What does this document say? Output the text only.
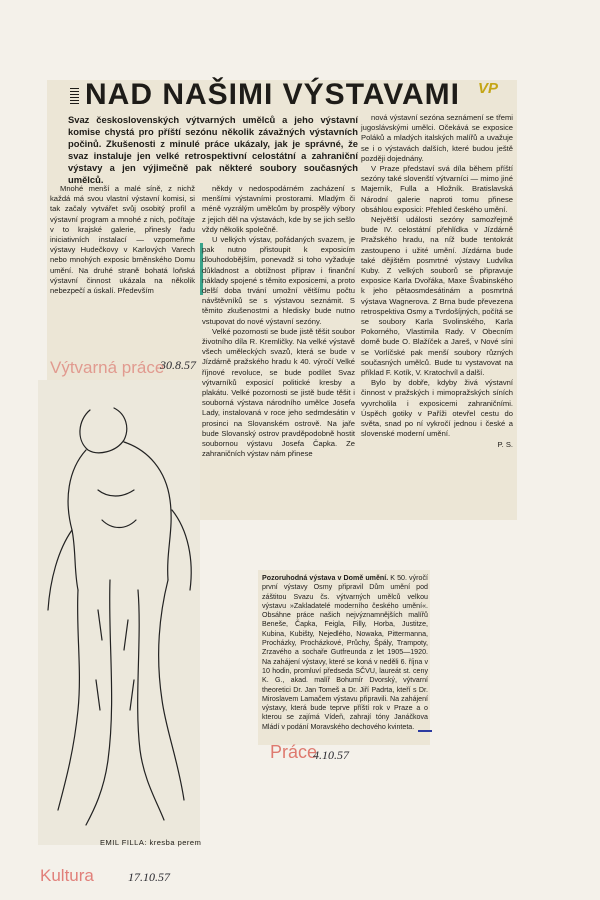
NAD NAŠIMI VÝSTAVAMI	VP
Svaz československých výtvarných umělců a jeho výstavní komise chystá pro příští sezónu několik závažných výstavních počinů. Zkušenosti z minulé práce ukázaly, jak je správné, že svaz instaluje jen velké retrospektivní celostátní a zahraniční výstavy a jen výjimečně pak některé soubory současných umělců.

Mnohé menší a malé síně, z nichž každá má svou vlastní výstavní komisi, si tak začaly vytvářet svůj osobitý profil a výstavní program a mnohé z nich, počítaje v to krajské galerie, přinesly řadu iniciativních instalací — vzpomeňme výstavy Hudečkovy v Karlových Varech nebo mnohých exposic brněnského Domu umění. Na druhé straně bohatá loňská výstavní činnost ukázala na několik nebezpečí a úskalí. Především

někdy v nedospodárném zacházení s menšími výstavními prostorami. Mladým či méně vyzrálým umělcům by prospěly výbory z jejich děl na výstavách, kde by se jich sešlo vždy několik společně.

U velkých výstav, pořádaných svazem, je pak nutno přistoupit k exposicím dlouhodobějším, ponevadž si toho vyžaduje důkladnost a obtížnost příprav i finanční náklady spojené s těmito exposicemi, a proto delší doba trvání umožní většímu počtu návštěvníků se s výstavou seznámit. S těmito zkušenostmi a hledisky bude nutno vstupovat do nové výstavní sezóny.

Velké pozornosti se bude jistě těšit soubor životního díla R. Kremličky. Na velké výstavě všech uměleckých svazů, která se bude v Jízdárně pražského hradu k 40. výročí Velké říjnové revoluce, se bude podílet Svaz výtvarníků exposicí politické kresby a plakátu. Velké pozornosti se jistě bude těšit i souborná výstava národního umělce Josefa Lady, instalovaná v roce jeho sedmdesátin v prosinci na Slovanském ostrově. Na jaře bude Slovanský ostrov pravděpodobně hostit soubornou výstavu Josefa Čapka. Ze zahraničních výstav nám přinese

nová výstavní sezóna seznámení se třemi jugoslávskými umělci. Očekává se exposice Poláků a mladých italských malířů a uvažuje se i o výstavách dalších, které budou ještě později dojednány.

V Praze představí svá díla během příští sezóny také slovenští výtvarníci — mimo jiné Majerník, Fulla a Hložník. Bratislavská Národní galerie naproti tomu přinese obsáhlou exposici: Přehled českého umění.

Největší události sezóny samozřejmě bude IV. celostátní přehlídka v Jízdárně Pražského hradu, na níž bude tentokrát zastoupeno i užité umění. Jízdárna bude také dějištěm posmrtné výstavy Ludvíka Kuby. Z velkých souborů se připravuje exposice Karla Dvořáka, Maxe Švabinského k jeho pětaosmdesátinám a posmrtná výstava Wagnerova. Z Brna bude převezena retrospektiva Osmy a Tvrdošíjných, počítá se se soubory Karla Svolinského, Karla Pokorného, Vlastimila Rady. V Obecním domě bude O. Blažíček a Jareš, v Nové síni se Vorlíčské pak menší soubory různých současných umělců. Bude tu vystavovat na příklad F. Kotík, V. Kratochvíl a další.

Bylo by dobře, kdyby živá výstavní činnost v pražských i mimopražských síních vyvrcholila i exposicemi zahraničními. Úspěch gotiky v Paříži otevřel cestu do světa, snad po ní vykročí jednou i české a slovenské moderní umění.

P. S.

Výtvarná práce
30.8.57
EMIL FILLA: kresba perem
Kultura	17.10.57
Pozoruhodná výstava v Domě umění. K 50. výročí první výstavy Osmy připravil Dům umění pod záštitou Svazu čs. výtvarných umělců velkou výstavu »Zakladatelé moderního českého umění«. Obsáhne práce našich nejvýznamnějších malířů Beneše, Čapka, Feigla, Filly, Horba, Justitze, Kubina, Kubišty, Nejedlého, Nowaka, Pittermanna, Procházky, Procházkové, Průchy, Špály, Trampoty, Zrzavého a sochaře Gutfreunda z let 1905—1920. Na zahájení výstavy, které se koná v neděli 6. října v 10 hodin, promluví předseda SČVU, laureát st. ceny K. G., akad. malíř Bohumír Dvorský, výtvarní theoretici Dr. Jan Tomeš a Dr. Jiří Padrta, kteří s Dr. Miroslavem Lamačem výstavu připravili. Na zahájení výstavy, která bude teprve příští rok v Praze a o kterou se zajímá Vídeň, zahrají tóny Janáčkova Mládí v podání Moravského dechového kvinteta.
Práce
4.10.57
